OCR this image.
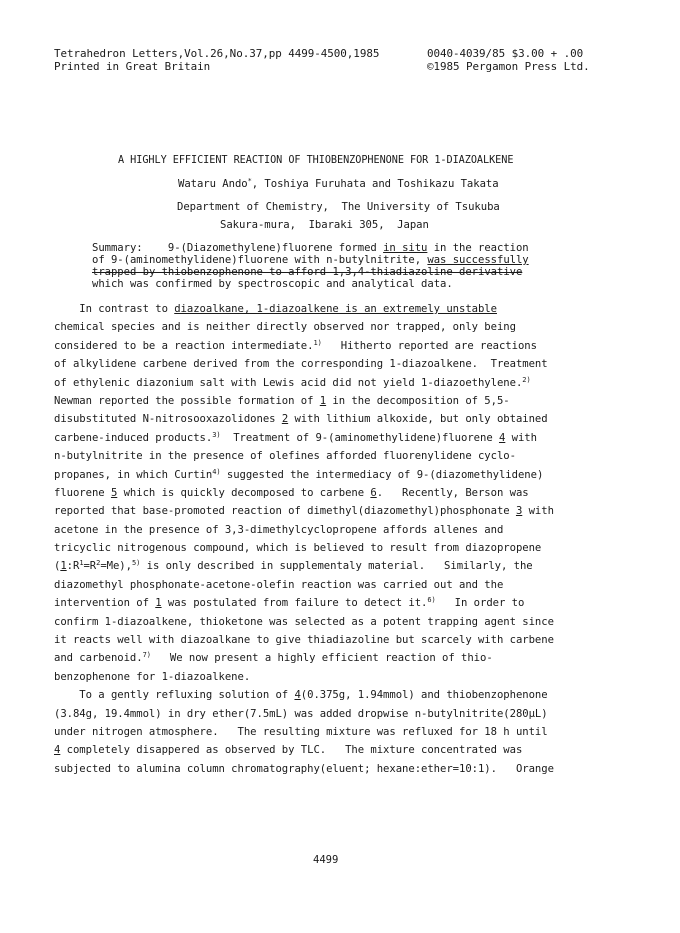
Tetrahedron Letters,Vol.26,No.37,pp 4499-4500,1985	0040-4039/85 $3.00 + .00
Printed in Great Britain	©1985 Pergamon Press Ltd.
A HIGHLY EFFICIENT REACTION OF THIOBENZOPHENONE FOR 1-DIAZOALKENE
Wataru Ando*, Toshiya Furuhata and Toshikazu Takata
Department of Chemistry,  The University of Tsukuba
Sakura-mura,  Ibaraki 305,  Japan
Summary:    9-(Diazomethylene)fluorene formed in situ in the reaction
of 9-(aminomethylidene)fluorene with n-butylnitrite, was successfully
trapped by thiobenzophenone to afford 1,3,4-thiadiazoline derivative
which was confirmed by spectroscopic and analytical data.
In contrast to diazoalkane, 1-diazoalkene is an extremely unstable
chemical species and is neither directly observed nor trapped, only being
considered to be a reaction intermediate.$^{1)}$   Hitherto reported are reactions
of alkylidene carbene derived from the corresponding 1-diazoalkene.  Treatment
of ethylenic diazonium salt with Lewis acid did not yield 1-diazoethylene.$^{2)}$
Newman reported the possible formation of 1 in the decomposition of 5,5-
disubstituted N-nitrosooxazolidones 2 with lithium alkoxide, but only obtained
carbene-induced products.$^{3)}$  Treatment of 9-(aminomethylidene)fluorene 4 with
n-butylnitrite in the presence of olefines afforded fluorenylidene cyclo-
propanes, in which Curtin$^{4)}$ suggested the intermediacy of 9-(diazomethylidene)
fluorene 5 which is quickly decomposed to carbene 6.   Recently, Berson was
reported that base-promoted reaction of dimethyl(diazomethyl)phosphonate 3 with
acetone in the presence of 3,3-dimethylcyclopropene affords allenes and
tricyclic nitrogenous compound, which is believed to result from diazopropene
$(1:R^1=R^2=Me),^{5)}$ is only described in supplementaly material.   Similarly, the
diazomethyl phosphonate-acetone-olefin reaction was carried out and the
intervention of 1 was postulated from failure to detect it.$^{6)}$   In order to
confirm 1-diazoalkene, thioketone was selected as a potent trapping agent since
it reacts well with diazoalkane to give thiadiazoline but scarcely with carbene
and carbenoid.$^{7)}$   We now present a highly efficient reaction of thio-
benzophenone for 1-diazoalkene.
To a gently refluxing solution of 4(0.375g, 1.94mmol) and thiobenzophenone
(3.84g, 19.4mmol) in dry ether(7.5mL) was added dropwise n-butylnitrite(280μL)
under nitrogen atmosphere.   The resulting mixture was refluxed for 18 h until
4 completely disappered as observed by TLC.   The mixture concentrated was
subjected to alumina column chromatography(eluent; hexane:ether=10:1).   Orange
4499
